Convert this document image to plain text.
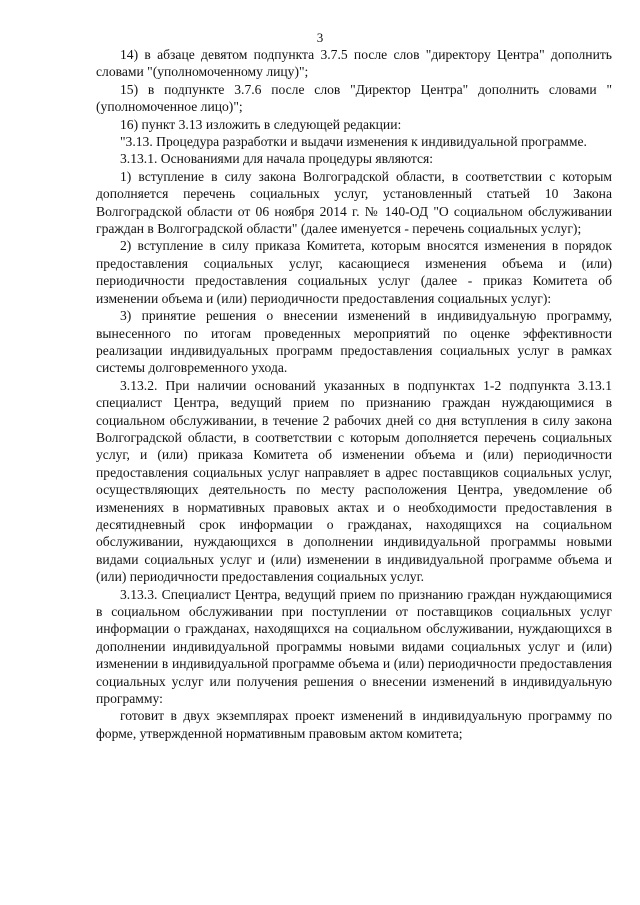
3

14) в абзаце девятом подпункта 3.7.5 после слов "директору Центра" дополнить словами "(уполномоченному лицу)";

15) в подпункте 3.7.6 после слов "Директор Центра" дополнить словами "(уполномоченное лицо)";

16) пункт 3.13 изложить в следующей редакции:

"3.13. Процедура разработки и выдачи изменения к индивидуальной программе.

3.13.1. Основаниями для начала процедуры являются:

1) вступление в силу закона Волгоградской области, в соответствии с которым дополняется перечень социальных услуг, установленный статьей 10 Закона Волгоградской области от 06 ноября 2014 г. № 140-ОД "О социальном обслуживании граждан в Волгоградской области" (далее именуется - перечень социальных услуг);

2) вступление в силу приказа Комитета, которым вносятся изменения в порядок предоставления социальных услуг, касающиеся изменения объема и (или) периодичности предоставления социальных услуг (далее - приказ Комитета об изменении объема и (или) периодичности предоставления социальных услуг):

3) принятие решения о внесении изменений в индивидуальную программу, вынесенного по итогам проведенных мероприятий по оценке эффективности реализации индивидуальных программ предоставления социальных услуг в рамках системы долговременного ухода.

3.13.2. При наличии оснований указанных в подпунктах 1-2 подпункта 3.13.1 специалист Центра, ведущий прием по признанию граждан нуждающимися в социальном обслуживании, в течение 2 рабочих дней со дня вступления в силу закона Волгоградской области, в соответствии с которым дополняется перечень социальных услуг, и (или) приказа Комитета об изменении объема и (или) периодичности предоставления социальных услуг направляет в адрес поставщиков социальных услуг, осуществляющих деятельность по месту расположения Центра, уведомление об изменениях в нормативных правовых актах и о необходимости предоставления в десятидневный срок информации о гражданах, находящихся на социальном обслуживании, нуждающихся в дополнении индивидуальной программы новыми видами социальных услуг и (или) изменении в индивидуальной программе объема и (или) периодичности предоставления социальных услуг.

3.13.3. Специалист Центра, ведущий прием по признанию граждан нуждающимися в социальном обслуживании при поступлении от поставщиков социальных услуг информации о гражданах, находящихся на социальном обслуживании, нуждающихся в дополнении индивидуальной программы новыми видами социальных услуг и (или) изменении в индивидуальной программе объема и (или) периодичности предоставления социальных услуг или получения решения о внесении изменений в индивидуальную программу:

готовит в двух экземплярах проект изменений в индивидуальную программу по форме, утвержденной нормативным правовым актом комитета;
